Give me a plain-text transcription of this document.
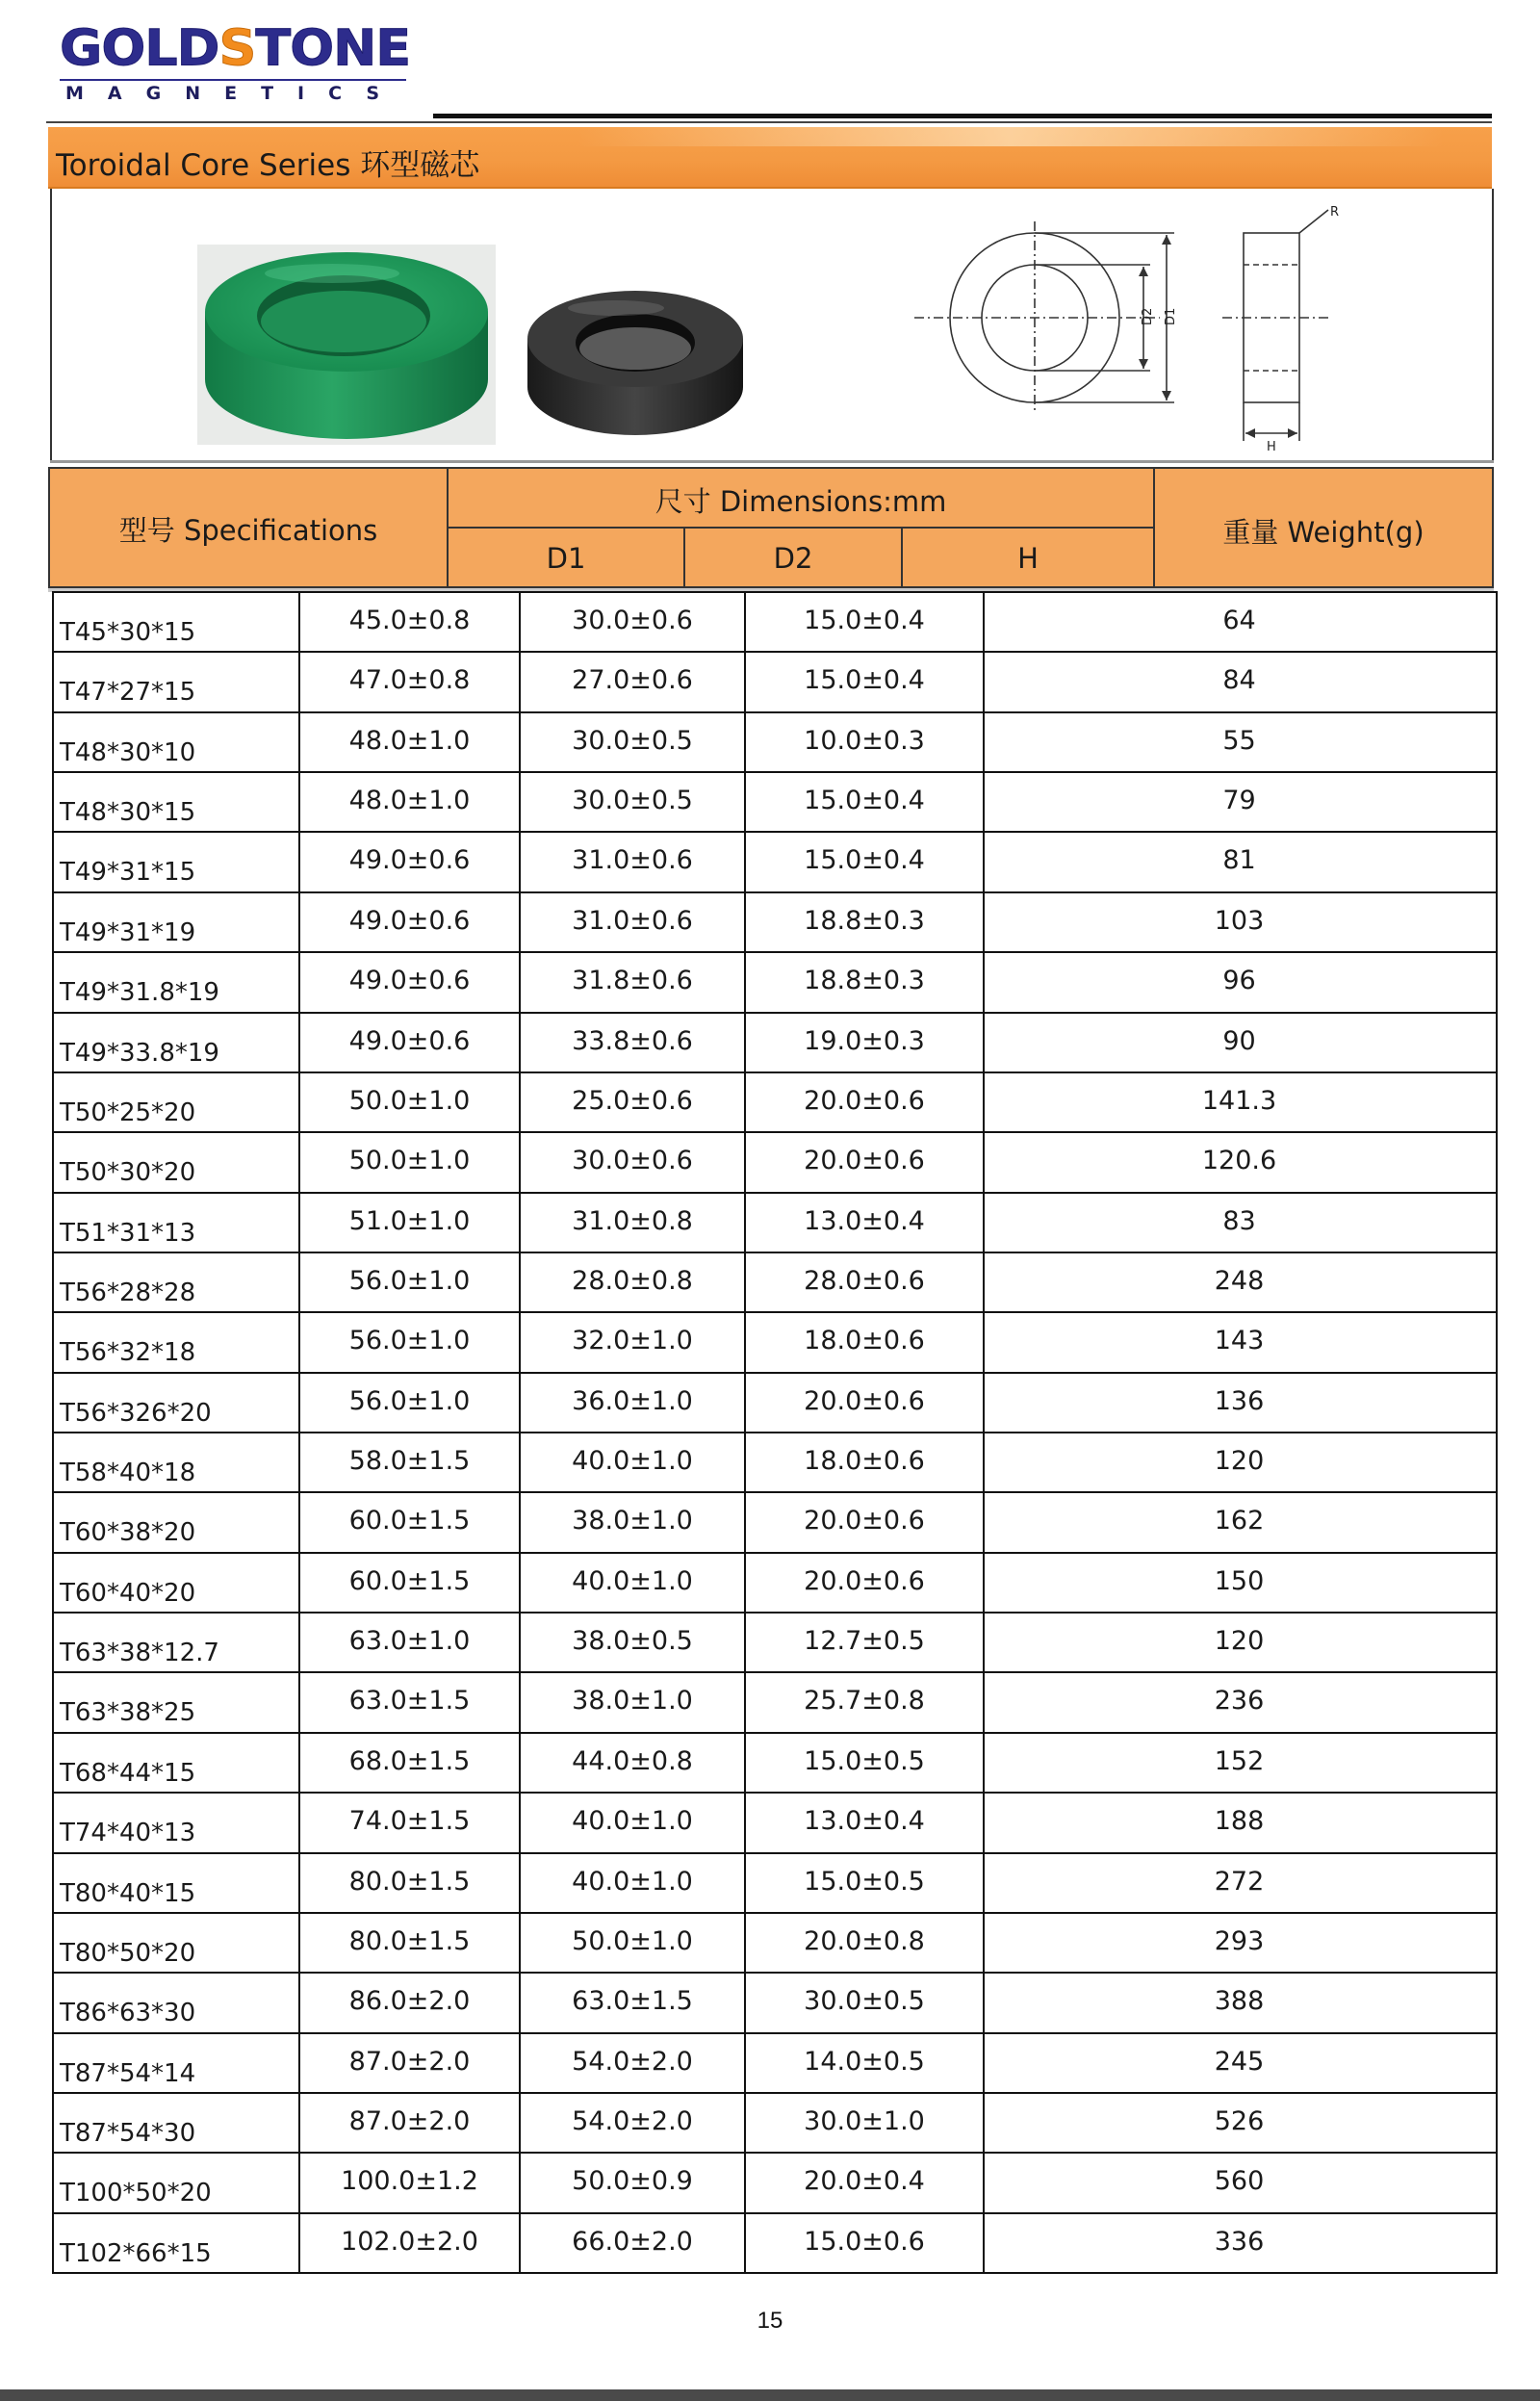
GOLDSTONE
MAGNETICS
Toroidal Core Series 环型磁芯
R
D2 D1
H
型号 Specifications
尺寸 Dimensions:mm
D1	D2	H
重量 Weight(g)
T45*30*15	45.0±0.8	30.0±0.6	15.0±0.4	64
T47*27*15	47.0±0.8	27.0±0.6	15.0±0.4	84
T48*30*10	48.0±1.0	30.0±0.5	10.0±0.3	55
T48*30*15	48.0±1.0	30.0±0.5	15.0±0.4	79
T49*31*15	49.0±0.6	31.0±0.6	15.0±0.4	81
T49*31*19	49.0±0.6	31.0±0.6	18.8±0.3	103
T49*31.8*19	49.0±0.6	31.8±0.6	18.8±0.3	96
T49*33.8*19	49.0±0.6	33.8±0.6	19.0±0.3	90
T50*25*20	50.0±1.0	25.0±0.6	20.0±0.6	141.3
T50*30*20	50.0±1.0	30.0±0.6	20.0±0.6	120.6
T51*31*13	51.0±1.0	31.0±0.8	13.0±0.4	83
T56*28*28	56.0±1.0	28.0±0.8	28.0±0.6	248
T56*32*18	56.0±1.0	32.0±1.0	18.0±0.6	143
T56*326*20	56.0±1.0	36.0±1.0	20.0±0.6	136
T58*40*18	58.0±1.5	40.0±1.0	18.0±0.6	120
T60*38*20	60.0±1.5	38.0±1.0	20.0±0.6	162
T60*40*20	60.0±1.5	40.0±1.0	20.0±0.6	150
T63*38*12.7	63.0±1.0	38.0±0.5	12.7±0.5	120
T63*38*25	63.0±1.5	38.0±1.0	25.7±0.8	236
T68*44*15	68.0±1.5	44.0±0.8	15.0±0.5	152
T74*40*13	74.0±1.5	40.0±1.0	13.0±0.4	188
T80*40*15	80.0±1.5	40.0±1.0	15.0±0.5	272
T80*50*20	80.0±1.5	50.0±1.0	20.0±0.8	293
T86*63*30	86.0±2.0	63.0±1.5	30.0±0.5	388
T87*54*14	87.0±2.0	54.0±2.0	14.0±0.5	245
T87*54*30	87.0±2.0	54.0±2.0	30.0±1.0	526
T100*50*20	100.0±1.2	50.0±0.9	20.0±0.4	560
T102*66*15	102.0±2.0	66.0±2.0	15.0±0.6	336
15
